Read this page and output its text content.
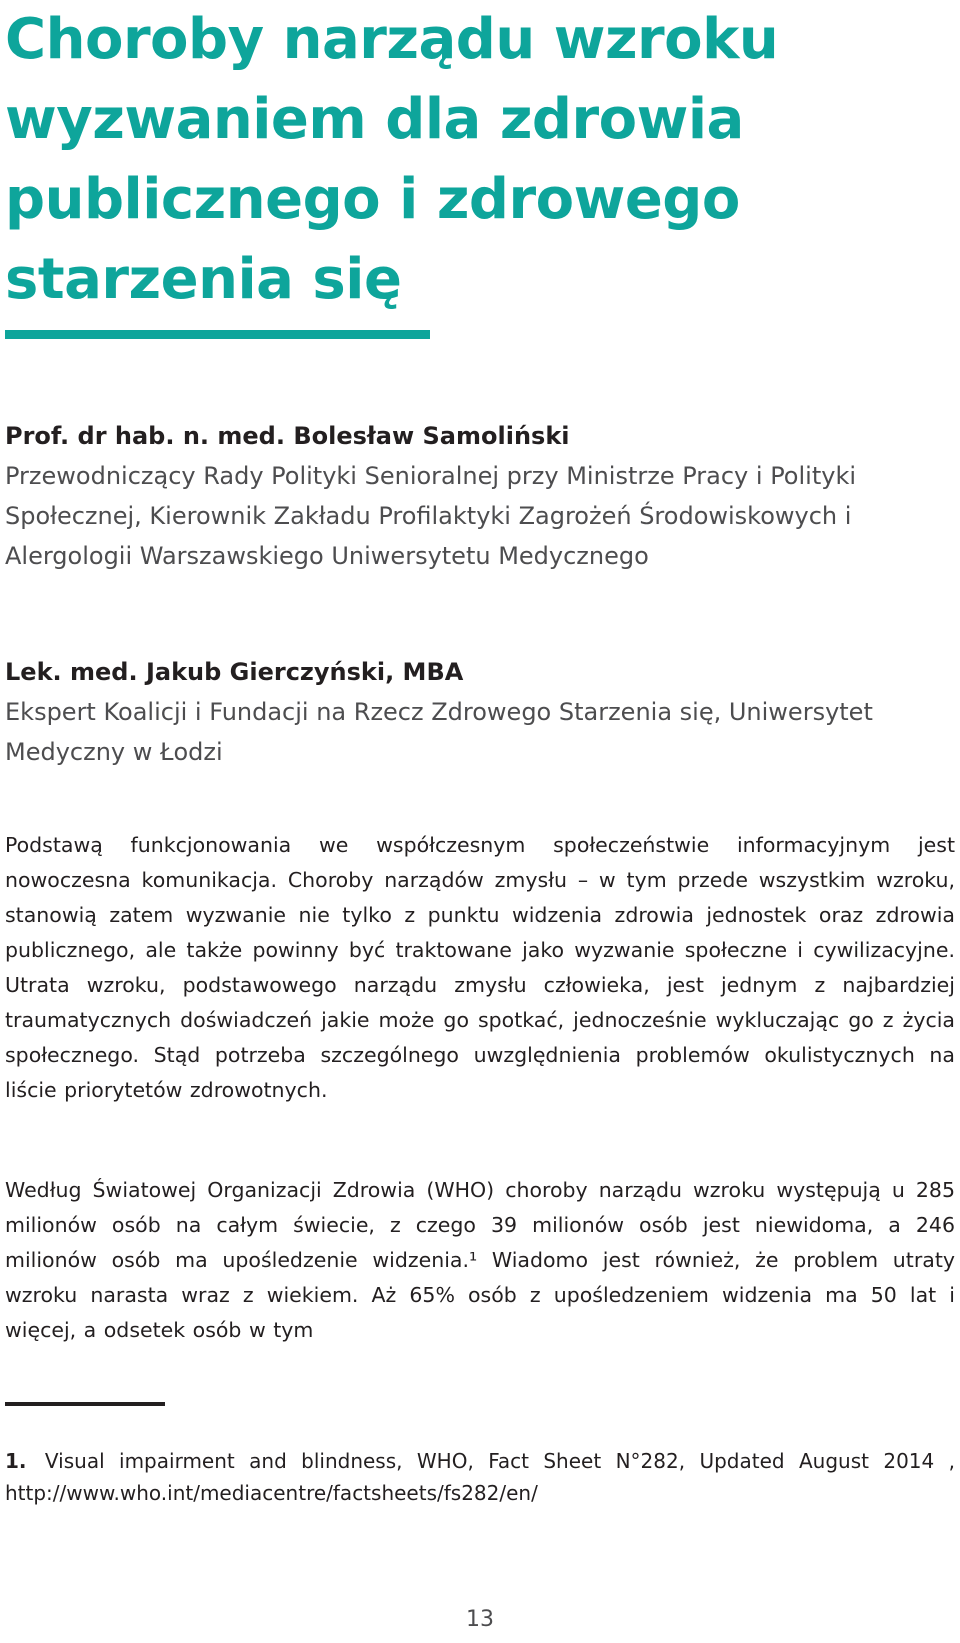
Choroby narządu wzroku wyzwaniem dla zdrowia publicznego i zdrowego starzenia się
Prof. dr hab. n. med. Bolesław Samoliński
Przewodniczący Rady Polityki Senioralnej przy Ministrze Pracy i Polityki Społecznej, Kierownik Zakładu Profilaktyki Zagrożeń Środowiskowych i Alergologii Warszawskiego Uniwersytetu Medycznego
Lek. med. Jakub Gierczyński, MBA
Ekspert Koalicji i Fundacji na Rzecz Zdrowego Starzenia się, Uniwersytet Medyczny w Łodzi

Podstawą funkcjonowania we współczesnym społeczeństwie informacyjnym jest nowoczesna komunikacja. Choroby narządów zmysłu – w tym przede wszystkim wzroku, stanowią zatem wyzwanie nie tylko z punktu widzenia zdrowia jednostek oraz zdrowia publicznego, ale także powinny być traktowane jako wyzwanie społeczne i cywilizacyjne. Utrata wzroku, podstawowego narządu zmysłu człowieka, jest jednym z najbardziej traumatycznych doświadczeń jakie może go spotkać, jednocześnie wykluczając go z życia społecznego. Stąd potrzeba szczególnego uwzględnienia problemów okulistycznych na liście priorytetów zdrowotnych.

Według Światowej Organizacji Zdrowia (WHO) choroby narządu wzroku występują u 285 milionów osób na całym świecie, z czego 39 milionów osób jest niewidoma, a 246 milionów osób ma upośledzenie widzenia.¹ Wiadomo jest również, że problem utraty wzroku narasta wraz z wiekiem. Aż 65% osób z upośledzeniem widzenia ma 50 lat i więcej, a odsetek osób w tym

1. Visual impairment and blindness, WHO, Fact Sheet N°282, Updated August 2014 , http://www.who.int/mediacentre/factsheets/fs282/en/

13
